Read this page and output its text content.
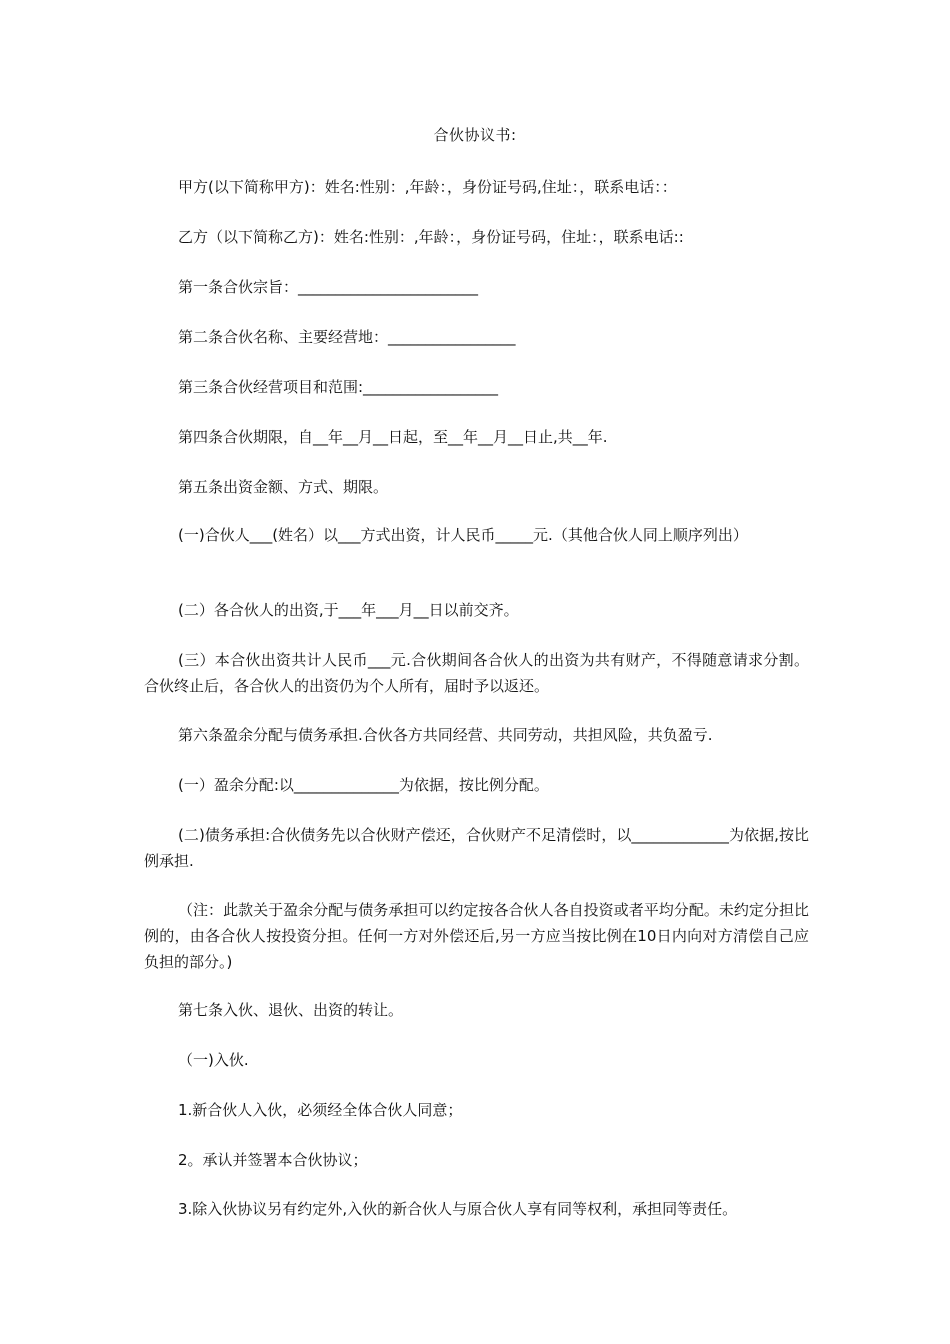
合伙协议书:
甲方(以下简称甲方)：姓名:性别：,年龄：，身份证号码,住址：，联系电话：：
乙方（以下简称乙方)：姓名:性别：,年龄：，身份证号码，住址：，联系电话::
第一条合伙宗旨：________________________
第二条合伙名称、主要经营地：_________________
第三条合伙经营项目和范围:__________________
第四条合伙期限，自__年__月__日起，至__年__月__日止,共__年.
第五条出资金额、方式、期限。
(一)合伙人___(姓名）以___方式出资，计人民币_____元.（其他合伙人同上顺序列出）
(二）各合伙人的出资,于___年___月__日以前交齐。
(三）本合伙出资共计人民币___元.合伙期间各合伙人的出资为共有财产，不得随意请求分割。合伙终止后，各合伙人的出资仍为个人所有，届时予以返还。
第六条盈余分配与债务承担.合伙各方共同经营、共同劳动，共担风险，共负盈亏.
(一）盈余分配:以______________为依据，按比例分配。
(二)债务承担:合伙债务先以合伙财产偿还，合伙财产不足清偿时，以_____________为依据,按比例承担.
（注：此款关于盈余分配与债务承担可以约定按各合伙人各自投资或者平均分配。未约定分担比例的，由各合伙人按投资分担。任何一方对外偿还后,另一方应当按比例在10日内向对方清偿自己应负担的部分。)
第七条入伙、退伙、出资的转让。
（一)入伙.
1.新合伙人入伙，必须经全体合伙人同意；
2。承认并签署本合伙协议；
3.除入伙协议另有约定外,入伙的新合伙人与原合伙人享有同等权利，承担同等责任。
